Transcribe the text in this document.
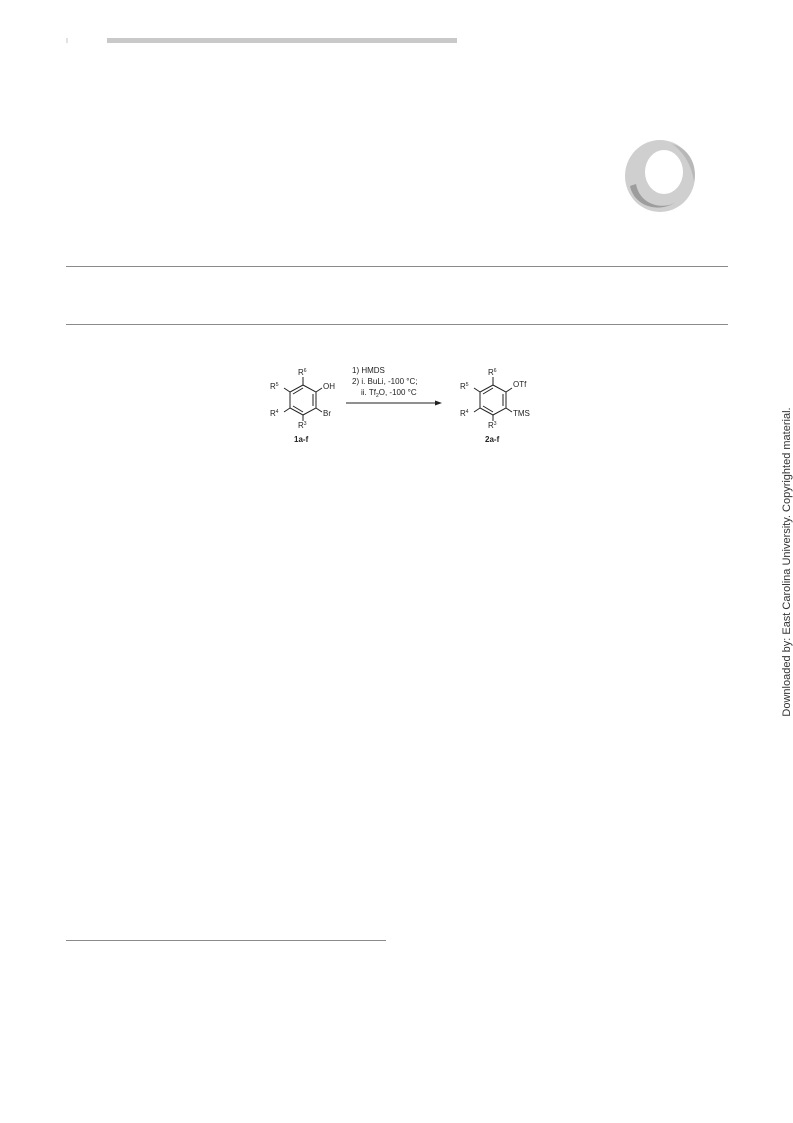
$R^6$
$R^5$
$R^4$
$R^3$
OH
Br
1a-f
1) HMDS
2) i. BuLi, -100 °C;
ii. $Tf_2O$, -100 °C
$R^6$
$R^5$
$R^4$
$R^3$
OTf
TMS
2a-f	Downloaded by: East Carolina University. Copyrighted material.
